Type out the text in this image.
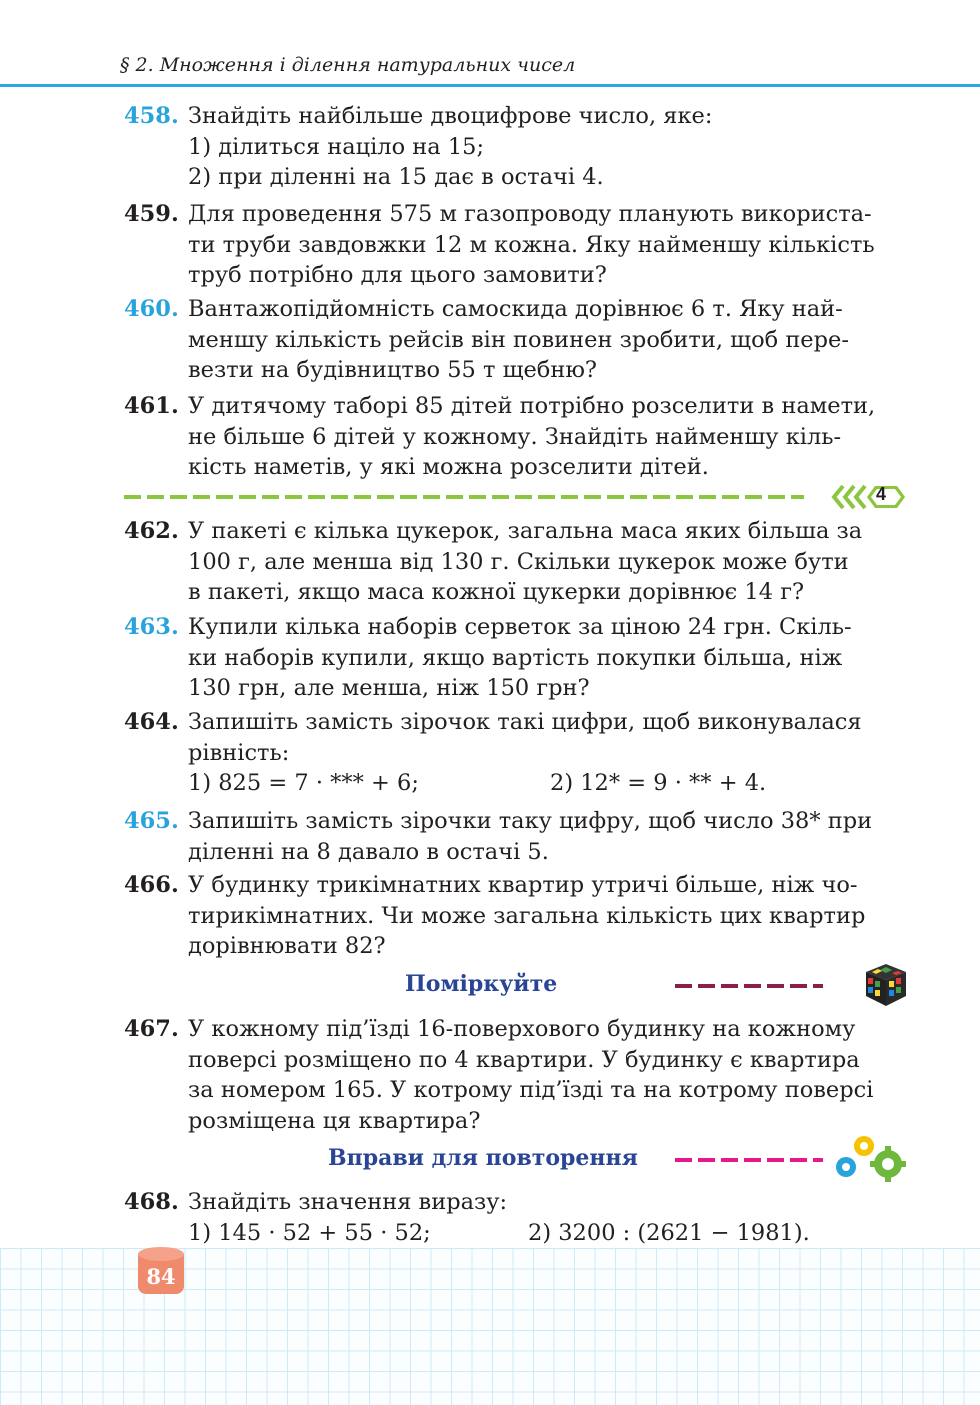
§ 2. Множення і ділення натуральних чисел
458. Знайдіть найбільше двоцифрове число, яке:
1) ділиться націло на 15;
2) при діленні на 15 дає в остачі 4.
459. Для проведення 575 м газопроводу планують використа-
ти труби завдовжки 12 м кожна. Яку найменшу кількість
труб потрібно для цього замовити?
460. Вантажопідйомність самоскида дорівнює 6 т. Яку най-
меншу кількість рейсів він повинен зробити, щоб пере-
везти на будівництво 55 т щебню?
461. У дитячому таборі 85 дітей потрібно розселити в намети,
не більше 6 дітей у кожному. Знайдіть найменшу кіль-
кість наметів, у які можна розселити дітей.
4
462. У пакеті є кілька цукерок, загальна маса яких більша за
100 г, але менша від 130 г. Скільки цукерок може бути
в пакеті, якщо маса кожної цукерки дорівнює 14 г?
463. Купили кілька наборів серветок за ціною 24 грн. Скіль-
ки наборів купили, якщо вартість покупки більша, ніж
130 грн, але менша, ніж 150 грн?
464. Запишіть замість зірочок такі цифри, щоб виконувалася
рівність:
1) 825 = 7 · *** + 6;	2) 12* = 9 · ** + 4.
465. Запишіть замість зірочки таку цифру, щоб число 38* при
діленні на 8 давало в остачі 5.
466. У будинку трикімнатних квартир утричі більше, ніж чо-
тирикімнатних. Чи може загальна кількість цих квартир
дорівнювати 82?
Поміркуйте
467. У кожному під’їзді 16-поверхового будинку на кожному
поверсі розміщено по 4 квартири. У будинку є квартира
за номером 165. У котрому під’їзді та на котрому поверсі
розміщена ця квартира?
Вправи для повторення
468. Знайдіть значення виразу:
1) 145 · 52 + 55 · 52;	2) 3200 : (2621 − 1981).
84
